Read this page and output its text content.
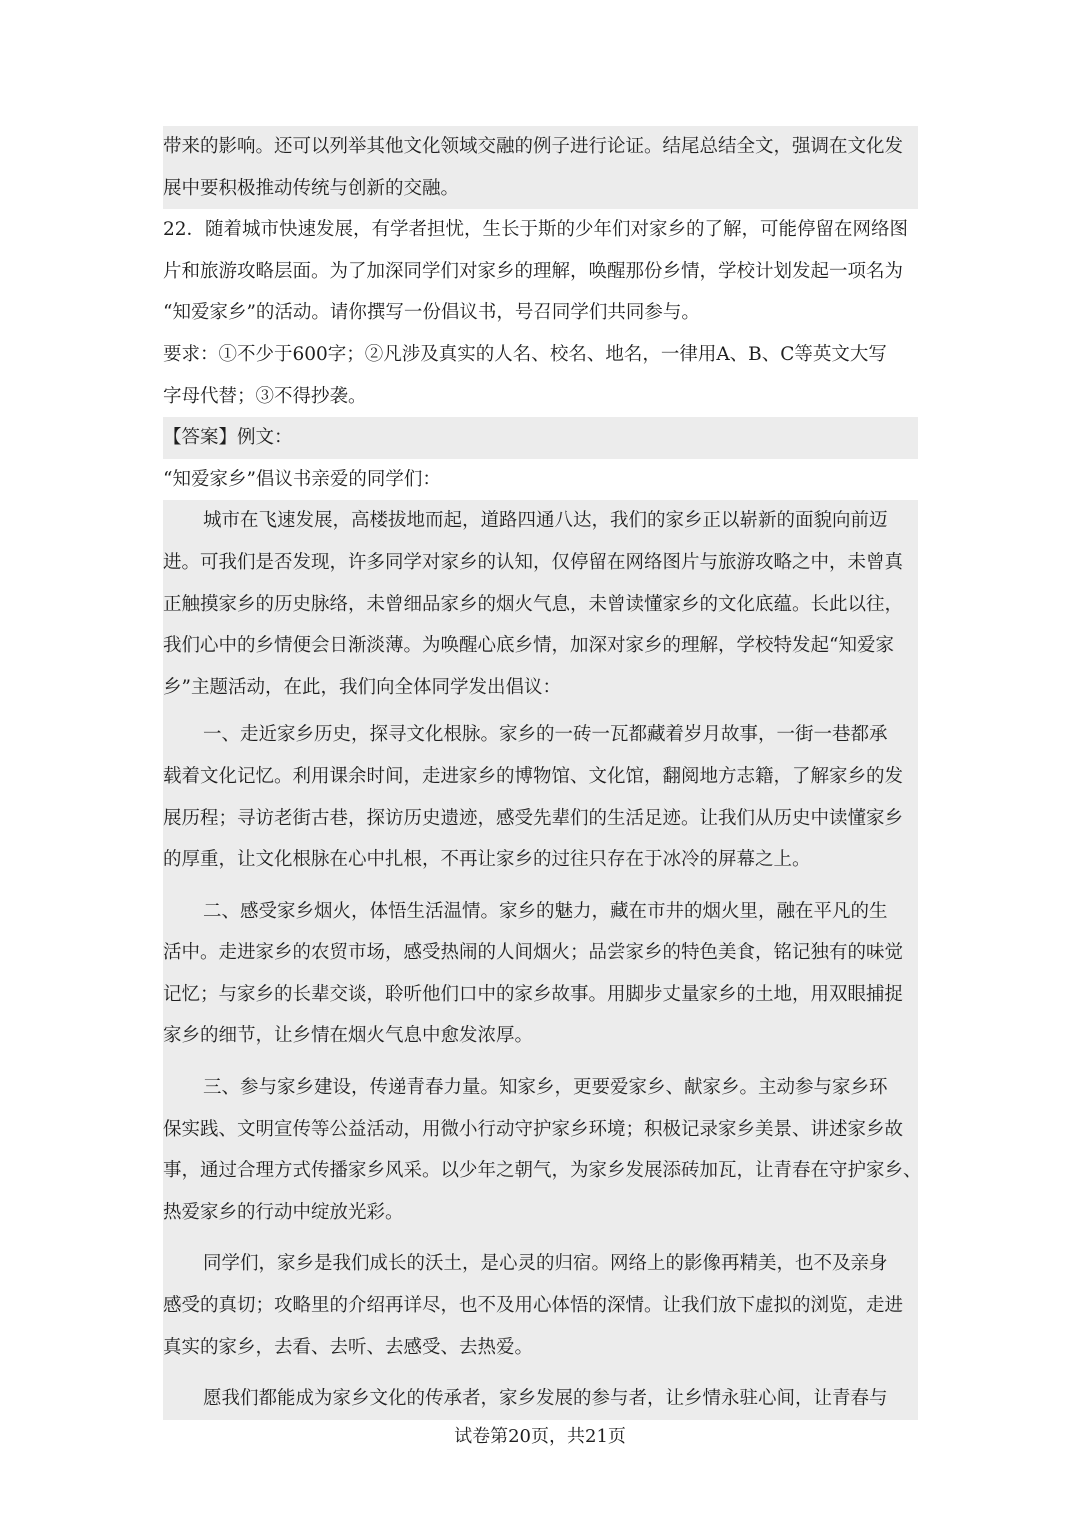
带来的影响。还可以列举其他文化领域交融的例子进行论证。结尾总结全文，强调在文化发
展中要积极推动传统与创新的交融。
22．随着城市快速发展，有学者担忧，生长于斯的少年们对家乡的了解，可能停留在网络图
片和旅游攻略层面。为了加深同学们对家乡的理解，唤醒那份乡情，学校计划发起一项名为
“知爱家乡”的活动。请你撰写一份倡议书，号召同学们共同参与。
要求：①不少于600字；②凡涉及真实的人名、校名、地名，一律用A、B、C等英文大写
字母代替；③不得抄袭。
【答案】例文：
“知爱家乡”倡议书亲爱的同学们：
城市在飞速发展，高楼拔地而起，道路四通八达，我们的家乡正以崭新的面貌向前迈
进。可我们是否发现，许多同学对家乡的认知，仅停留在网络图片与旅游攻略之中，未曾真
正触摸家乡的历史脉络，未曾细品家乡的烟火气息，未曾读懂家乡的文化底蕴。长此以往，
我们心中的乡情便会日渐淡薄。为唤醒心底乡情，加深对家乡的理解，学校特发起“知爱家
乡”主题活动，在此，我们向全体同学发出倡议：
一、走近家乡历史，探寻文化根脉。家乡的一砖一瓦都藏着岁月故事，一街一巷都承
载着文化记忆。利用课余时间，走进家乡的博物馆、文化馆，翻阅地方志籍，了解家乡的发
展历程；寻访老街古巷，探访历史遗迹，感受先辈们的生活足迹。让我们从历史中读懂家乡
的厚重，让文化根脉在心中扎根，不再让家乡的过往只存在于冰冷的屏幕之上。
二、感受家乡烟火，体悟生活温情。家乡的魅力，藏在市井的烟火里，融在平凡的生
活中。走进家乡的农贸市场，感受热闹的人间烟火；品尝家乡的特色美食，铭记独有的味觉
记忆；与家乡的长辈交谈，聆听他们口中的家乡故事。用脚步丈量家乡的土地，用双眼捕捉
家乡的细节，让乡情在烟火气息中愈发浓厚。
三、参与家乡建设，传递青春力量。知家乡，更要爱家乡、献家乡。主动参与家乡环
保实践、文明宣传等公益活动，用微小行动守护家乡环境；积极记录家乡美景、讲述家乡故
事，通过合理方式传播家乡风采。以少年之朝气，为家乡发展添砖加瓦，让青春在守护家乡、
热爱家乡的行动中绽放光彩。
同学们，家乡是我们成长的沃土，是心灵的归宿。网络上的影像再精美，也不及亲身
感受的真切；攻略里的介绍再详尽，也不及用心体悟的深情。让我们放下虚拟的浏览，走进
真实的家乡，去看、去听、去感受、去热爱。
愿我们都能成为家乡文化的传承者，家乡发展的参与者，让乡情永驻心间，让青春与
试卷第20页，共21页
